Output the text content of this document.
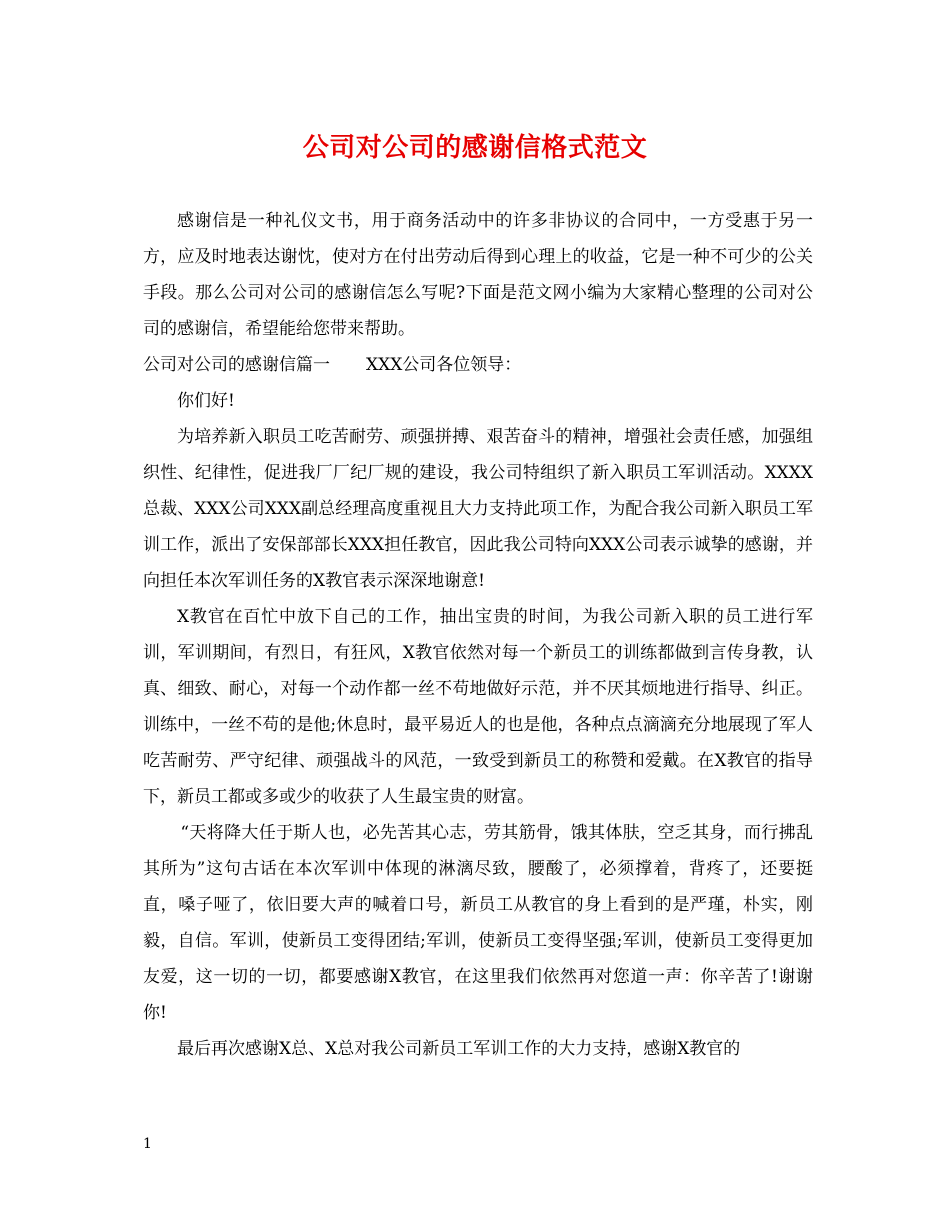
公司对公司的感谢信格式范文

感谢信是一种礼仪文书，用于商务活动中的许多非协议的合同中，一方受惠于另一方，应及时地表达谢忱，使对方在付出劳动后得到心理上的收益，它是一种不可少的公关手段。那么公司对公司的感谢信怎么写呢?下面是范文网小编为大家精心整理的公司对公司的感谢信，希望能给您带来帮助。

公司对公司的感谢信篇一 XXX公司各位领导：

你们好!

为培养新入职员工吃苦耐劳、顽强拼搏、艰苦奋斗的精神，增强社会责任感，加强组织性、纪律性，促进我厂厂纪厂规的建设，我公司特组织了新入职员工军训活动。XXXX总裁、XXX公司XXX副总经理高度重视且大力支持此项工作，为配合我公司新入职员工军训工作，派出了安保部部长XXX担任教官，因此我公司特向XXX公司表示诚挚的感谢，并向担任本次军训任务的X教官表示深深地谢意!

X教官在百忙中放下自己的工作，抽出宝贵的时间，为我公司新入职的员工进行军训，军训期间，有烈日，有狂风，X教官依然对每一个新员工的训练都做到言传身教，认真、细致、耐心，对每一个动作都一丝不苟地做好示范，并不厌其烦地进行指导、纠正。训练中，一丝不苟的是他;休息时，最平易近人的也是他，各种点点滴滴充分地展现了军人吃苦耐劳、严守纪律、顽强战斗的风范，一致受到新员工的称赞和爱戴。在X教官的指导下，新员工都或多或少的收获了人生最宝贵的财富。

“天将降大任于斯人也，必先苦其心志，劳其筋骨，饿其体肤，空乏其身，而行拂乱其所为”这句古话在本次军训中体现的淋漓尽致，腰酸了，必须撑着，背疼了，还要挺直，嗓子哑了，依旧要大声的喊着口号，新员工从教官的身上看到的是严瑾，朴实，刚毅，自信。军训，使新员工变得团结;军训，使新员工变得坚强;军训，使新员工变得更加友爱，这一切的一切，都要感谢X教官，在这里我们依然再对您道一声：你辛苦了!谢谢你!

最后再次感谢X总、X总对我公司新员工军训工作的大力支持，感谢X教官的

1
